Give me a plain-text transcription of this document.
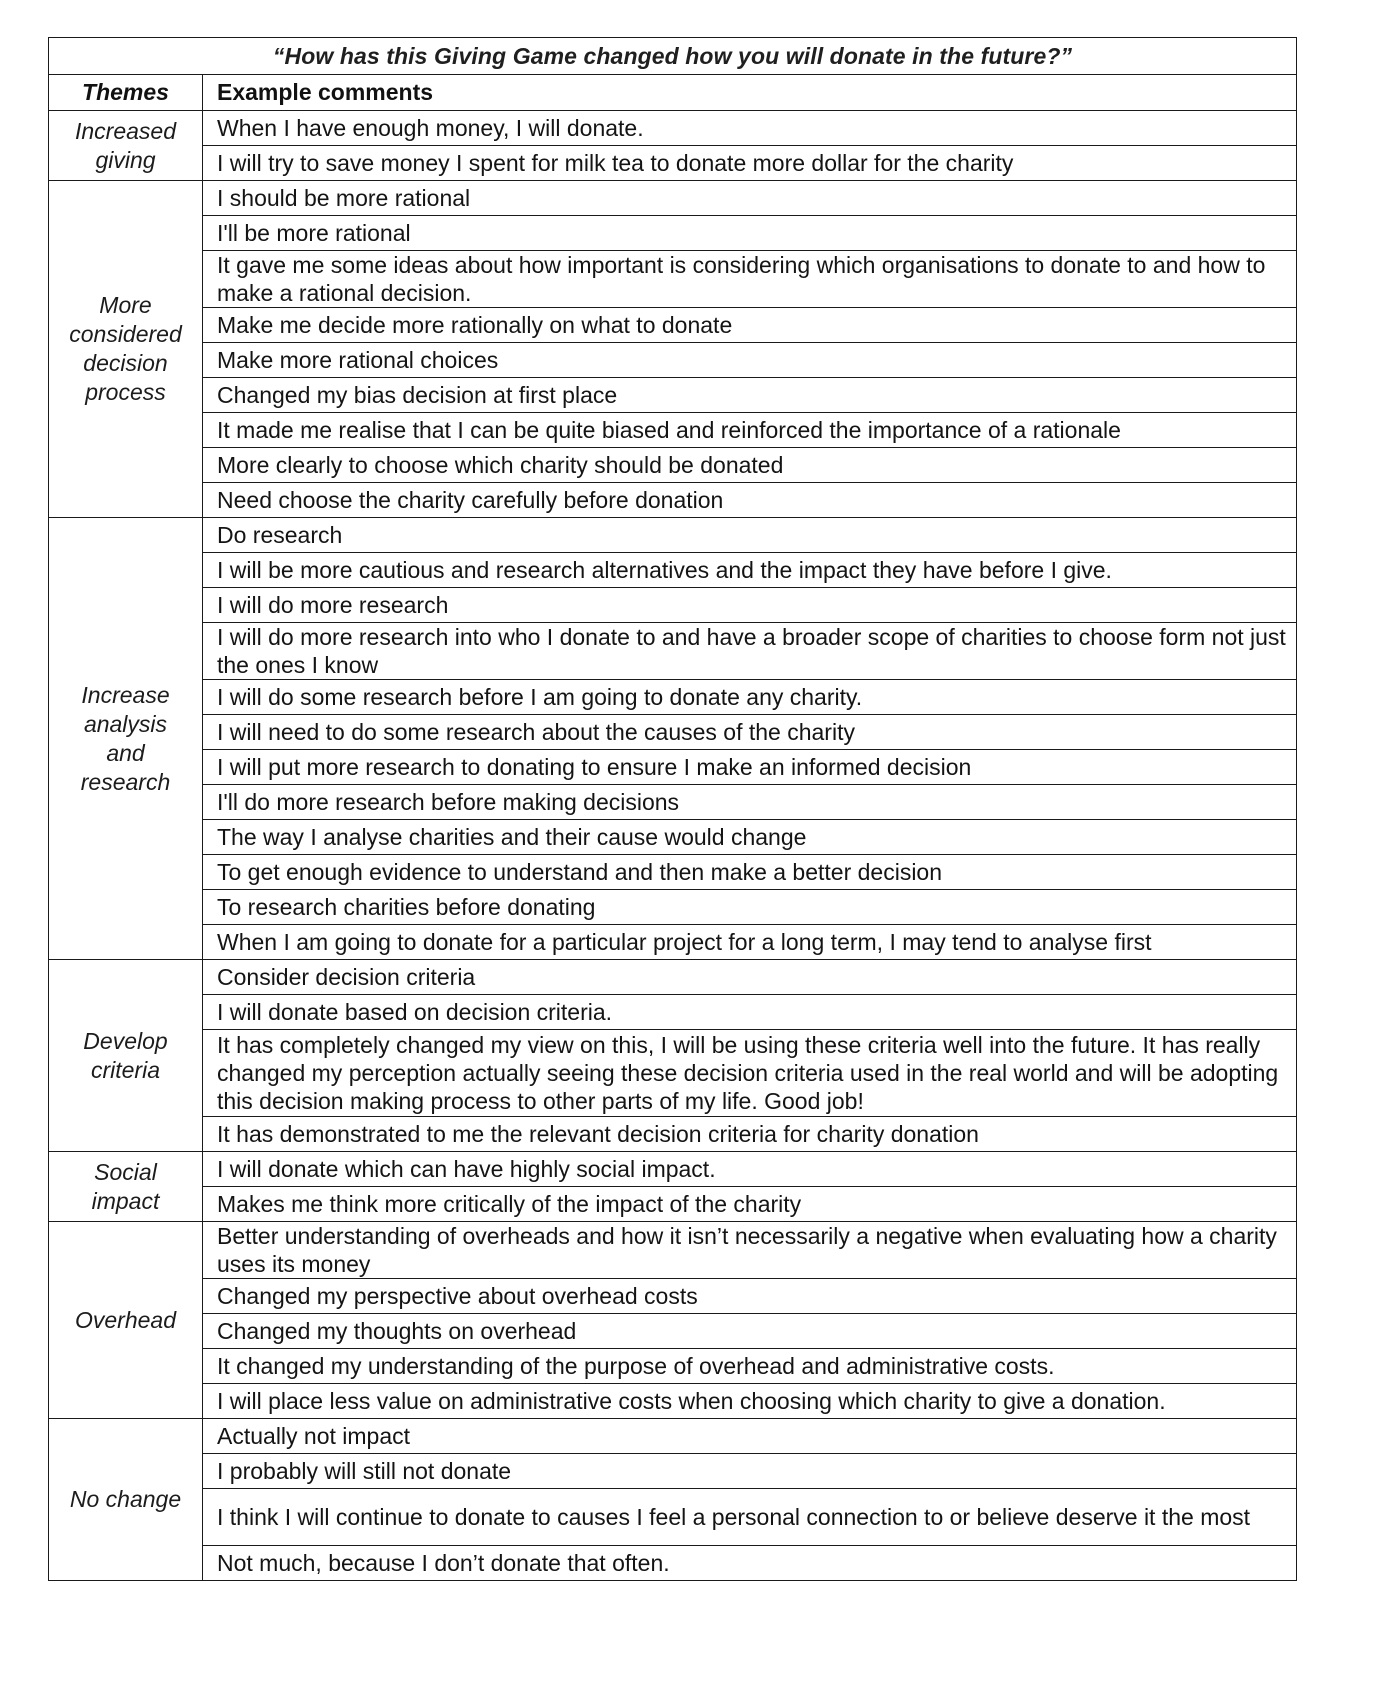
“How has this Giving Game changed how you will donate in the future?”	
Themes	Example comments

Increased
giving	When I have enough money, I will donate.
	I will try to save money I spent for milk tea to donate more dollar for the charity

More
considered
decision
process	I should be more rational
	I'll be more rational
	It gave me some ideas about how important is considering which organisations to donate to and how to make a rational decision.
	Make me decide more rationally on what to donate
	Make more rational choices
	Changed my bias decision at first place
	It made me realise that I can be quite biased and reinforced the importance of a rationale
	More clearly to choose which charity should be donated
	Need choose the charity carefully before donation

Increase
analysis
and
research	Do research
	I will be more cautious and research alternatives and the impact they have before I give.
	I will do more research
	I will do more research into who I donate to and have a broader scope of charities to choose form not just the ones I know
	I will do some research before I am going to donate any charity.
	I will need to do some research about the causes of the charity
	I will put more research to donating to ensure I make an informed decision
	I'll do more research before making decisions
	The way I analyse charities and their cause would change
	To get enough evidence to understand and then make a better decision
	To research charities before donating
	When I am going to donate for a particular project for a long term, I may tend to analyse first

Develop
criteria	Consider decision criteria
	I will donate based on decision criteria.
	It has completely changed my view on this, I will be using these criteria well into the future. It has really changed my perception actually seeing these decision criteria used in the real world and will be adopting this decision making process to other parts of my life. Good job!
	It has demonstrated to me the relevant decision criteria for charity donation

Social
impact	I will donate which can have highly social impact.
	Makes me think more critically of the impact of the charity
Overhead	Better understanding of overheads and how it isn’t necessarily a negative when evaluating how a charity uses its money
	Changed my perspective about overhead costs
	Changed my thoughts on overhead
	It changed my understanding of the purpose of overhead and administrative costs.
	I will place less value on administrative costs when choosing which charity to give a donation.
No change	Actually not impact
	I probably will still not donate
	I think I will continue to donate to causes I feel a personal connection to or believe deserve it the most
	Not much, because I don’t donate that often.
